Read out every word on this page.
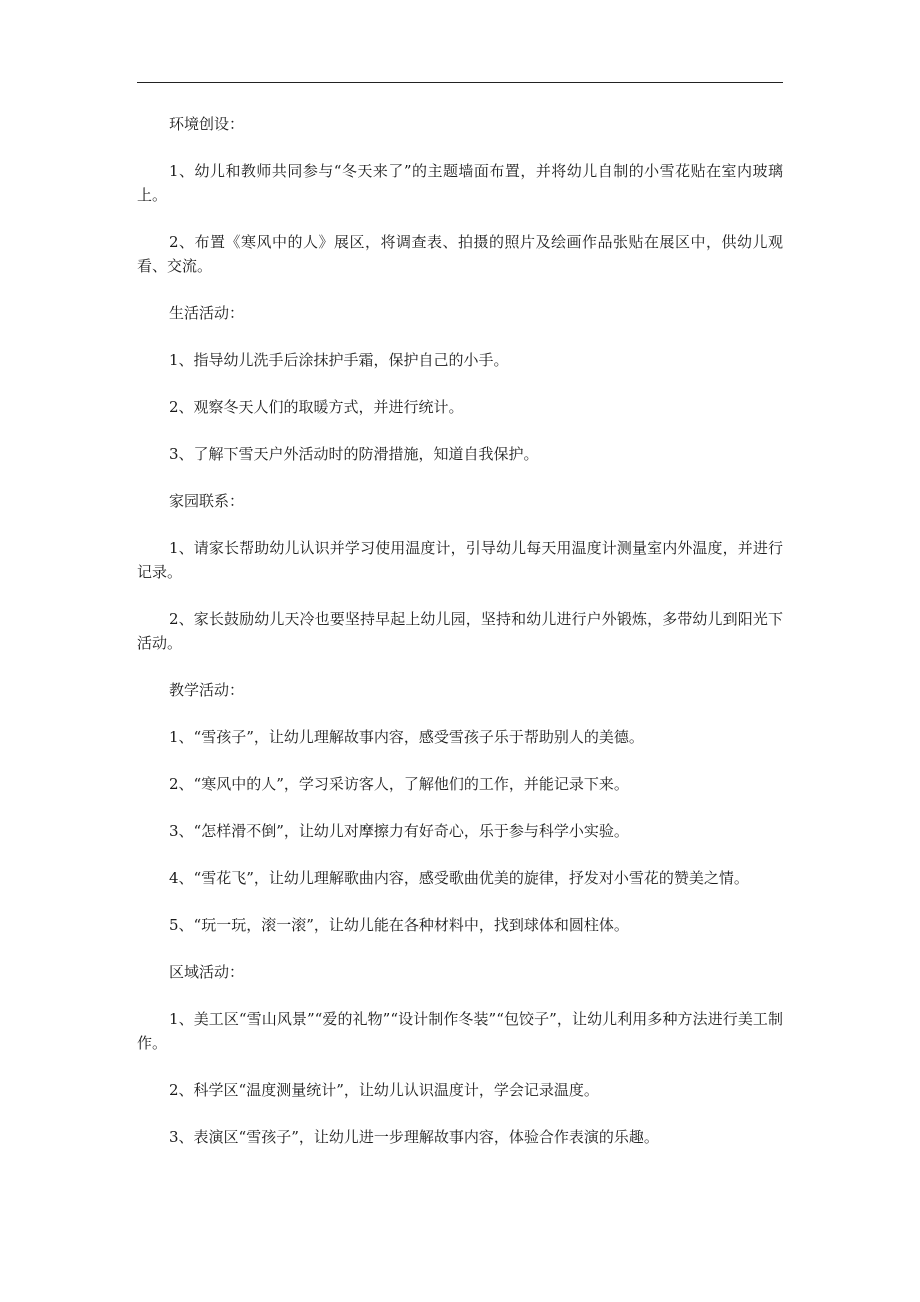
环境创设：

1、幼儿和教师共同参与“冬天来了”的主题墙面布置，并将幼儿自制的小雪花贴在室内玻璃上。

2、布置《寒风中的人》展区，将调查表、拍摄的照片及绘画作品张贴在展区中，供幼儿观看、交流。

生活活动：

1、指导幼儿洗手后涂抹护手霜，保护自己的小手。

2、观察冬天人们的取暖方式，并进行统计。

3、了解下雪天户外活动时的防滑措施，知道自我保护。

家园联系：

1、请家长帮助幼儿认识并学习使用温度计，引导幼儿每天用温度计测量室内外温度，并进行记录。

2、家长鼓励幼儿天冷也要坚持早起上幼儿园，坚持和幼儿进行户外锻炼，多带幼儿到阳光下活动。

教学活动：

1、“雪孩子”，让幼儿理解故事内容，感受雪孩子乐于帮助别人的美德。

2、“寒风中的人”，学习采访客人，了解他们的工作，并能记录下来。

3、“怎样滑不倒”，让幼儿对摩擦力有好奇心，乐于参与科学小实验。

4、“雪花飞”，让幼儿理解歌曲内容，感受歌曲优美的旋律，抒发对小雪花的赞美之情。

5、“玩一玩，滚一滚”，让幼儿能在各种材料中，找到球体和圆柱体。

区域活动：

1、美工区“雪山风景”“爱的礼物”“设计制作冬装”“包饺子”，让幼儿利用多种方法进行美工制作。

2、科学区“温度测量统计”，让幼儿认识温度计，学会记录温度。

3、表演区“雪孩子”，让幼儿进一步理解故事内容，体验合作表演的乐趣。
